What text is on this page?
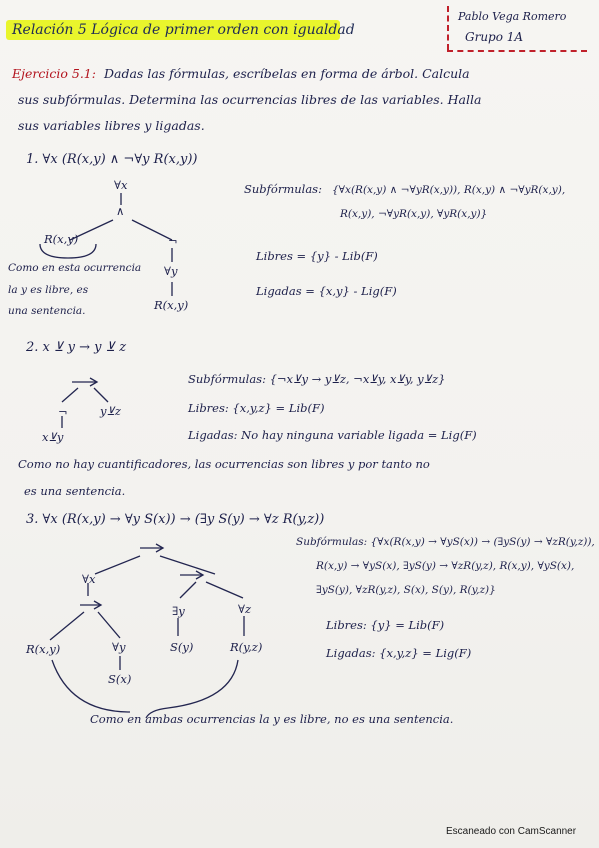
Relación 5 Lógica de primer orden con igualdad
Pablo Vega Romero
Grupo 1A
Ejercicio 5.1: Dadas las fórmulas, escríbelas en forma de árbol. Calcula
sus subfórmulas. Determina las ocurrencias libres de las variables. Halla
sus variables libres y ligadas.
1. ∀x (R(x,y) ∧ ¬∀y R(x,y))
∀x
∧
R(x,y)	¬
∀y
R(x,y)
Como en esta ocurrencia
la y es libre, es
una sentencia.
Subfórmulas: {∀x(R(x,y) ∧ ¬∀yR(x,y)), R(x,y) ∧ ¬∀yR(x,y),
R(x,y), ¬∀yR(x,y), ∀yR(x,y)}
Libres = {y} - Lib(F)
Ligadas = {x,y} - Lig(F)
2. x ⊻ y → y ⊻ z
¬	y⊻z
x⊻y
Subfórmulas: {¬x⊻y → y⊻z, ¬x⊻y, x⊻y, y⊻z}
Libres: {x,y,z} = Lib(F)
Ligadas: No hay ninguna variable ligada = Lig(F)
Como no hay cuantificadores, las ocurrencias son libres y por tanto no
es una sentencia.
3. ∀x (R(x,y) → ∀y S(x)) → (∃y S(y) → ∀z R(y,z))
∀x
∃y	∀z
R(x,y)	∀y
S(x)
S(y)	R(y,z)
Subfórmulas: {∀x(R(x,y) → ∀yS(x)) → (∃yS(y) → ∀zR(y,z)),
R(x,y) → ∀yS(x), ∃yS(y) → ∀zR(y,z), R(x,y), ∀yS(x),
∃yS(y), ∀zR(y,z), S(x), S(y), R(y,z)}
Libres: {y} = Lib(F)
Ligadas: {x,y,z} = Lig(F)
Como en ambas ocurrencias la y es libre, no es una sentencia.
Escaneado con CamScanner
